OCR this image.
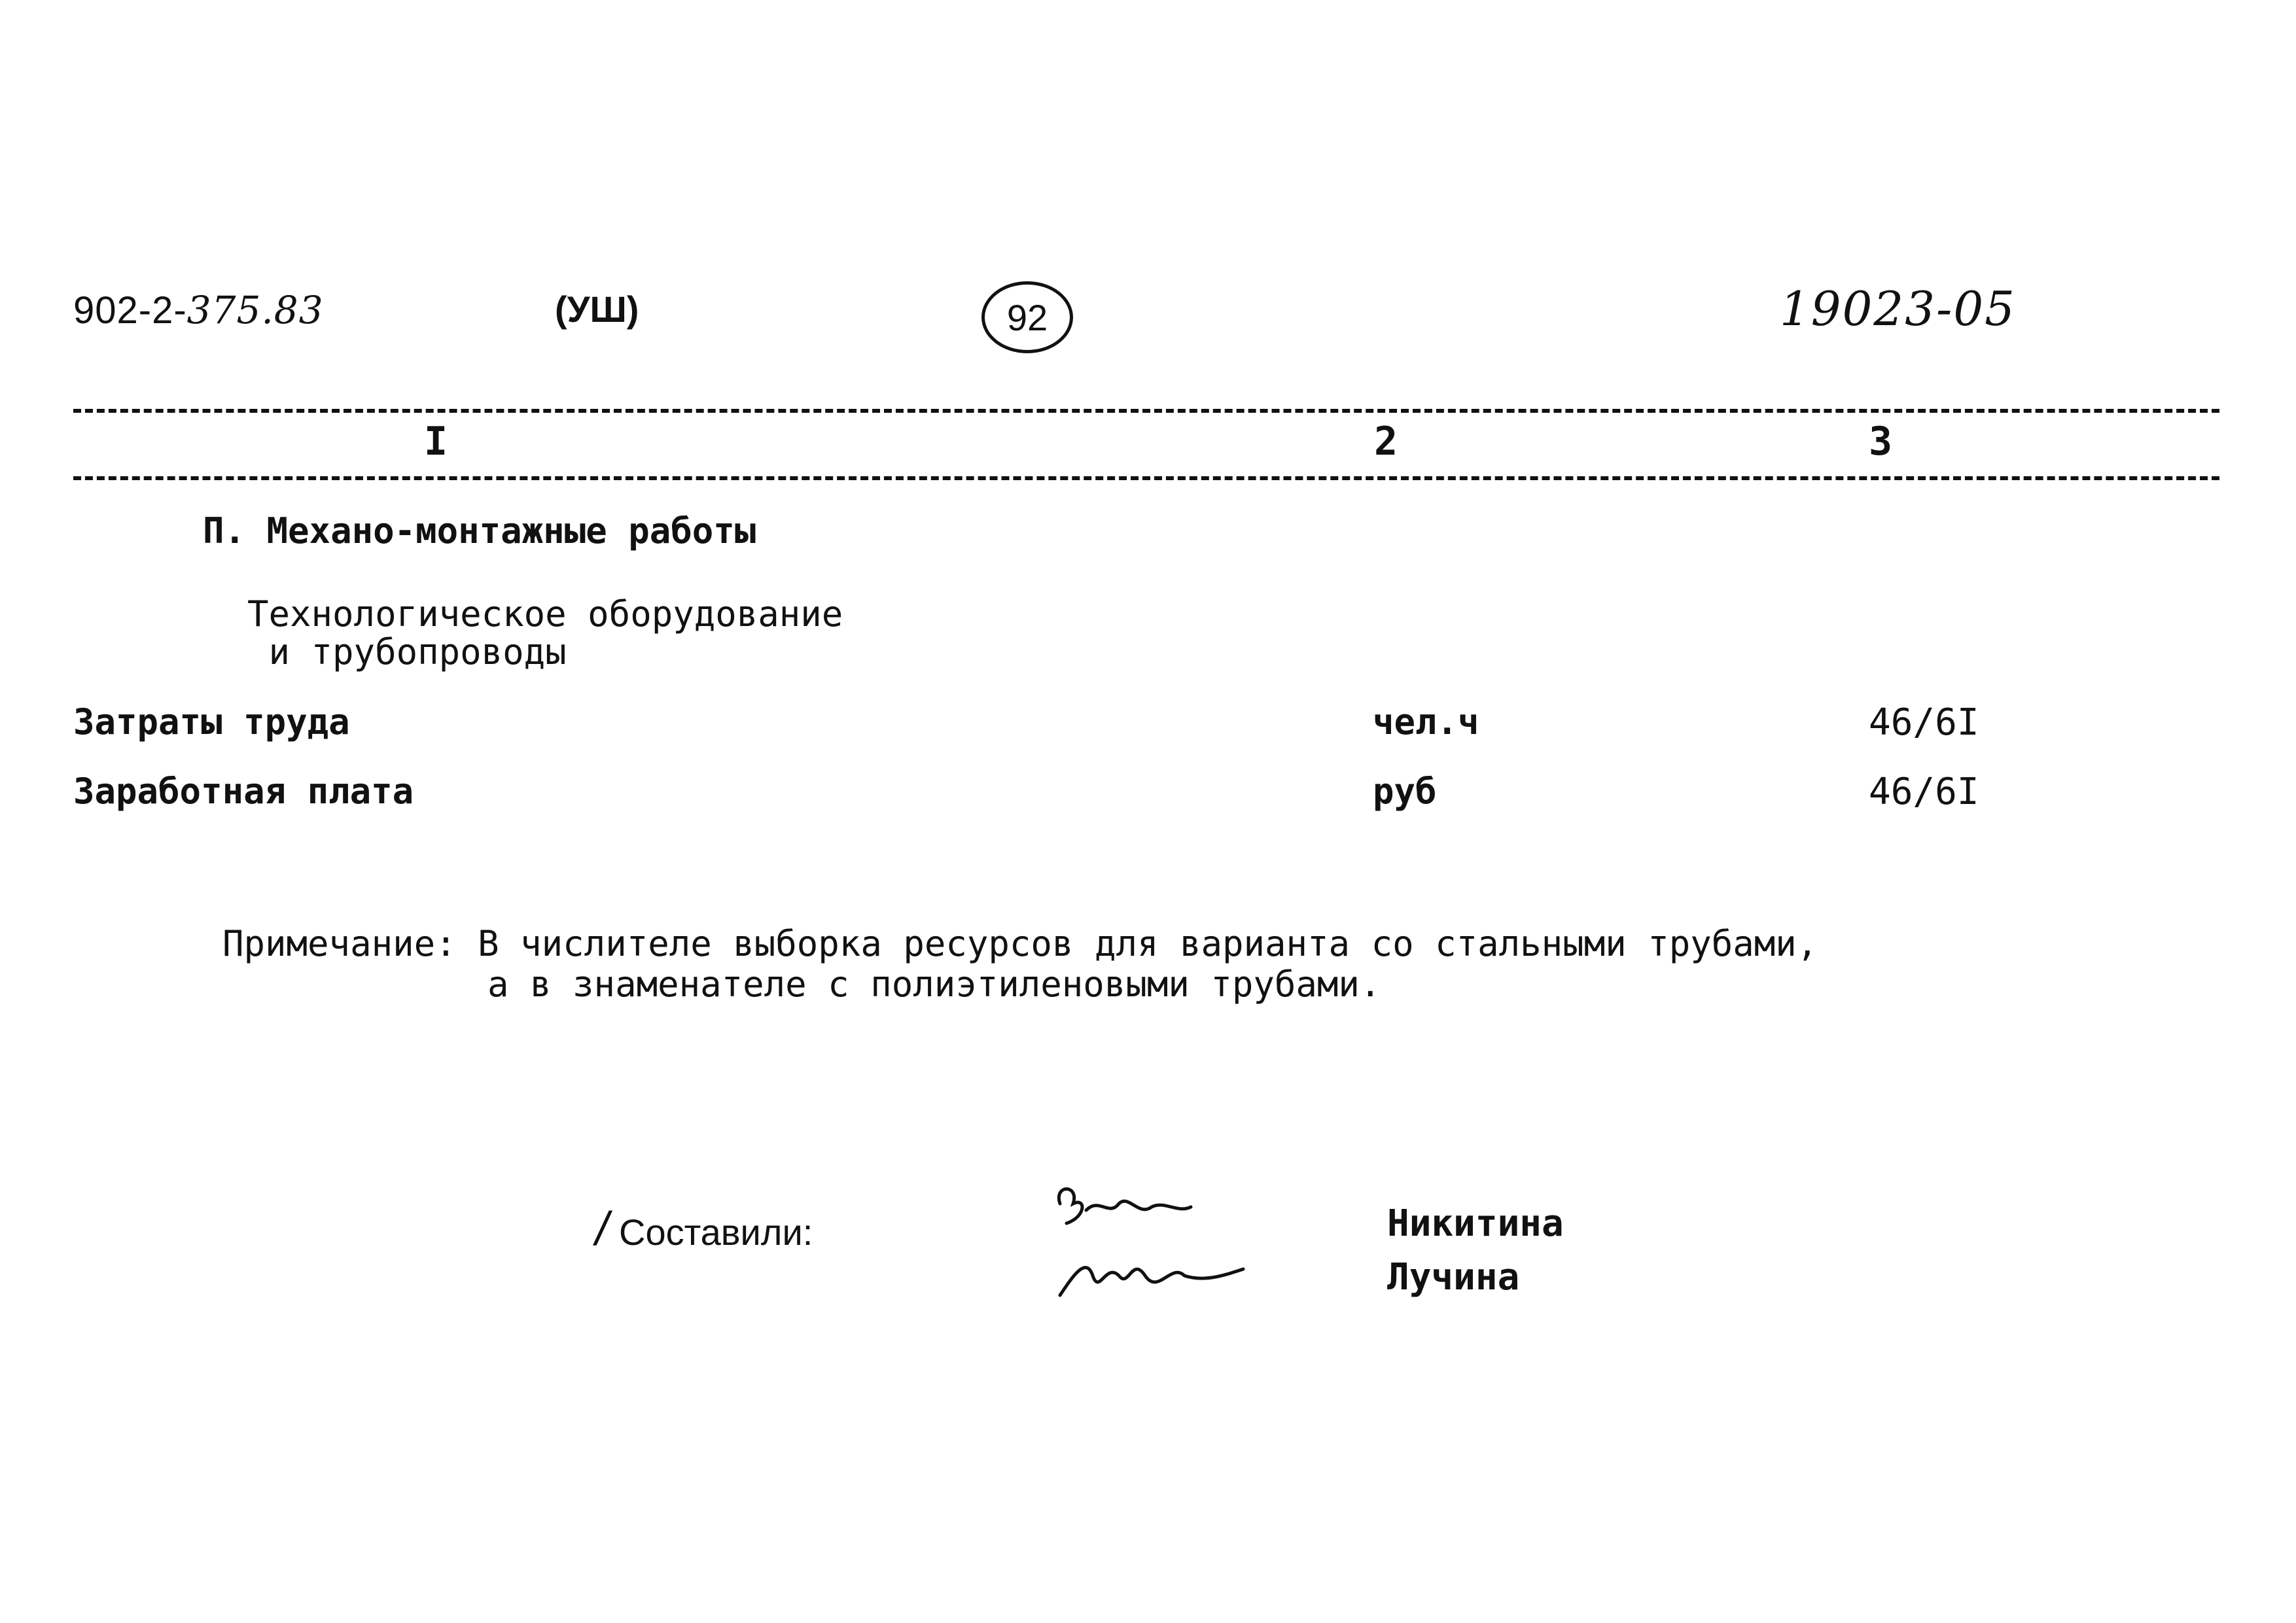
902-2-375.83	(УШ)	92	19023-05
I	2	3
П. Механо-монтажные работы
Технологическое оборудование
и трубопроводы
Затраты труда	чел.ч	46/6I
Заработная плата	руб	46/6I
Примечание: В числителе выборка ресурсов для варианта со стальными трубами,
а в знаменателе с полиэтиленовыми трубами.
/ Составили:	Никитина
Лучина
